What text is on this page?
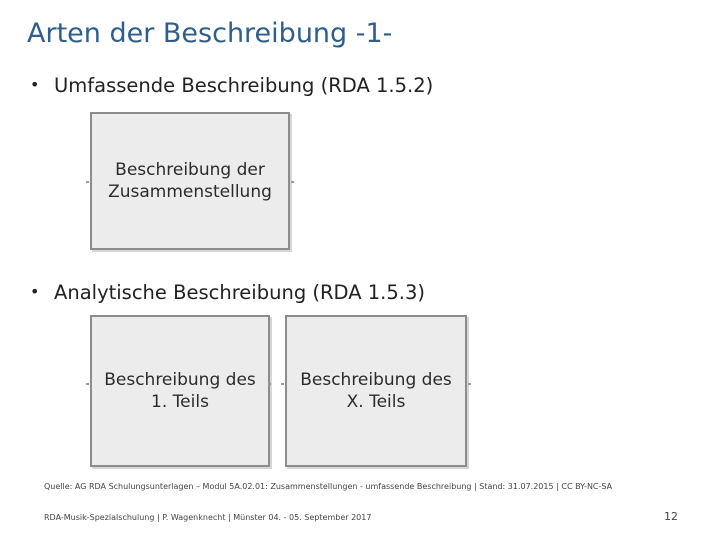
Arten der Beschreibung -1-
• Umfassende Beschreibung (RDA 1.5.2)
Beschreibung der
Zusammenstellung
• Analytische Beschreibung (RDA 1.5.3)
Beschreibung des
1. Teils
Beschreibung des
X. Teils
Quelle: AG RDA Schulungsunterlagen – Modul 5A.02.01: Zusammenstellungen - umfassende Beschreibung | Stand: 31.07.2015 | CC BY-NC-SA
RDA-Musik-Spezialschulung | P. Wagenknecht | Münster 04. - 05. September 2017	12
